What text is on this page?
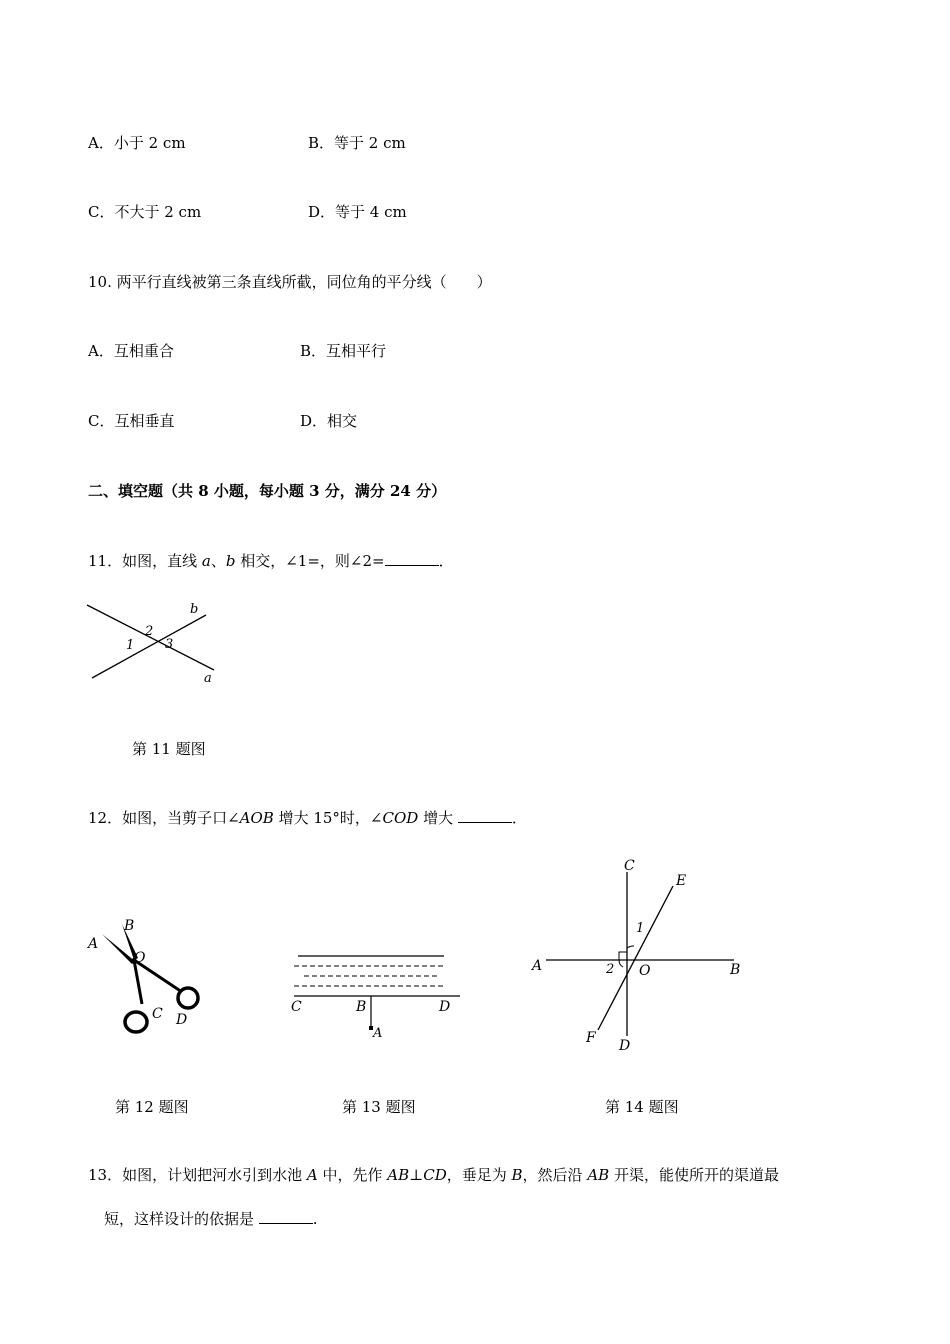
A．小于 2 cm	B．等于 2 cm
C．不大于 2 cm	D．等于 4 cm
10. 两平行直线被第三条直线所截，同位角的平分线（　　）
A．互相重合	B．互相平行
C．互相垂直	D．相交
二、填空题（共 8 小题，每小题 3 分，满分 24 分）
11．如图，直线 a、b 相交，∠1=，则∠2=	．
b
a
1
2
3
第 11 题图
12．如图，当剪子口∠AOB 增大 15°时，∠COD 增大	．
A
B
O
C D
C	B	D
A
C
E
A	O	B
F D
1
2
第 12 题图	第 13 题图	第 14 题图
13．如图，计划把河水引到水池 A 中，先作 AB⊥CD，垂足为 B，然后沿 AB 开渠，能使所开的渠道最
短，这样设计的依据是	.
